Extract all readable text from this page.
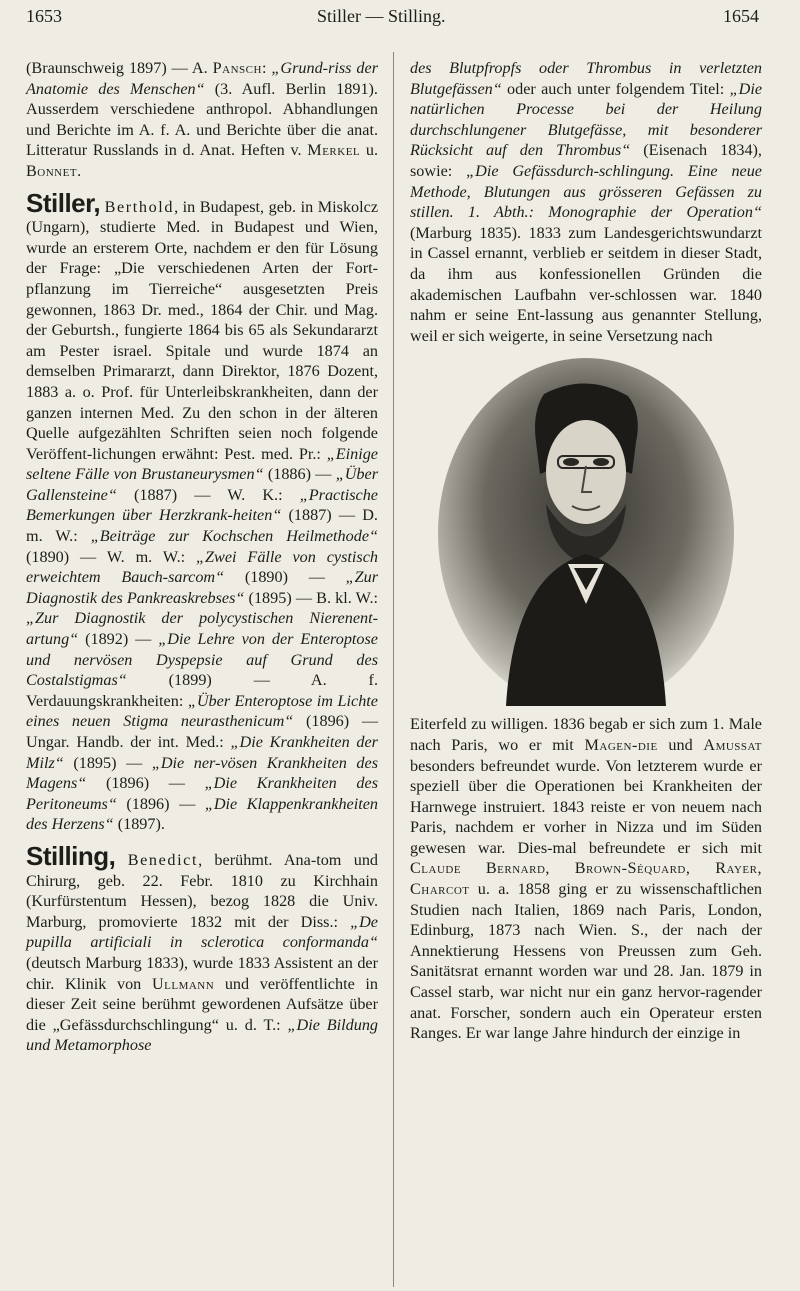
1653	Stiller — Stilling.	1654

(Braunschweig 1897) — A. Pansch: „Grund-riss der Anatomie des Menschen“ (3. Aufl. Berlin 1891). Ausserdem verschiedene anthropol. Abhandlungen und Berichte im A. f. A. und Berichte über die anat. Litteratur Russlands in d. Anat. Heften v. Merkel u. Bonnet.

Stiller, Berthold, in Budapest, geb. in Miskolcz (Ungarn), studierte Med. in Budapest und Wien, wurde an ersterem Orte, nachdem er den für Lösung der Frage: „Die verschiedenen Arten der Fort-pflanzung im Tierreiche“ ausgesetzten Preis gewonnen, 1863 Dr. med., 1864 der Chir. und Mag. der Geburtsh., fungierte 1864 bis 65 als Sekundararzt am Pester israel. Spitale und wurde 1874 an demselben Primararzt, dann Direktor, 1876 Dozent, 1883 a. o. Prof. für Unterleibskrankheiten, dann der ganzen internen Med. Zu den schon in der älteren Quelle aufgezählten Schriften seien noch folgende Veröffent-lichungen erwähnt: Pest. med. Pr.: „Einige seltene Fälle von Brustaneurysmen“ (1886) — „Über Gallensteine“ (1887) — W. K.: „Practische Bemerkungen über Herzkrank-heiten“ (1887) — D. m. W.: „Beiträge zur Kochschen Heilmethode“ (1890) — W. m. W.: „Zwei Fälle von cystisch erweichtem Bauch-sarcom“ (1890) — „Zur Diagnostik des Pankreaskrebses“ (1895) — B. kl. W.: „Zur Diagnostik der polycystischen Nierenent-artung“ (1892) — „Die Lehre von der Enteroptose und nervösen Dyspepsie auf Grund des Costalstigmas“ (1899) — A. f. Verdauungskrankheiten: „Über Enteroptose im Lichte eines neuen Stigma neurasthenicum“ (1896) — Ungar. Handb. der int. Med.: „Die Krankheiten der Milz“ (1895) — „Die ner-vösen Krankheiten des Magens“ (1896) — „Die Krankheiten des Peritoneums“ (1896) — „Die Klappenkrankheiten des Herzens“ (1897).

Stilling, Benedict, berühmt. Ana-tom und Chirurg, geb. 22. Febr. 1810 zu Kirchhain (Kurfürstentum Hessen), bezog 1828 die Univ. Marburg, promovierte 1832 mit der Diss.: „De pupilla artificiali in sclerotica conformanda“ (deutsch Marburg 1833), wurde 1833 Assistent an der chir. Klinik von Ullmann und veröffentlichte in dieser Zeit seine berühmt gewordenen Aufsätze über die „Gefässdurchschlingung“ u. d. T.: „Die Bildung und Metamorphose

des Blutpfropfs oder Thrombus in verletzten Blutgefässen“ oder auch unter folgendem Titel: „Die natürlichen Processe bei der Heilung durchschlungener Blutgefässe, mit besonderer Rücksicht auf den Thrombus“ (Eisenach 1834), sowie: „Die Gefässdurch-schlingung. Eine neue Methode, Blutungen aus grösseren Gefässen zu stillen. 1. Abth.: Monographie der Operation“ (Marburg 1835). 1833 zum Landesgerichtswundarzt in Cassel ernannt, verblieb er seitdem in dieser Stadt, da ihm aus konfessionellen Gründen die akademischen Laufbahn ver-schlossen war. 1840 nahm er seine Ent-lassung aus genannter Stellung, weil er sich weigerte, in seine Versetzung nach

Eiterfeld zu willigen. 1836 begab er sich zum 1. Male nach Paris, wo er mit Magen-die und Amussat besonders befreundet wurde. Von letzterem wurde er speziell über die Operationen bei Krankheiten der Harnwege instruiert. 1843 reiste er von neuem nach Paris, nachdem er vorher in Nizza und im Süden gewesen war. Dies-mal befreundete er sich mit Claude Bernard, Brown-Séquard, Rayer, Charcot u. a. 1858 ging er zu wissenschaftlichen Studien nach Italien, 1869 nach Paris, London, Edinburg, 1873 nach Wien. S., der nach der Annektierung Hessens von Preussen zum Geh. Sanitätsrat ernannt worden war und 28. Jan. 1879 in Cassel starb, war nicht nur ein ganz hervor-ragender anat. Forscher, sondern auch ein Operateur ersten Ranges. Er war lange Jahre hindurch der einzige in
